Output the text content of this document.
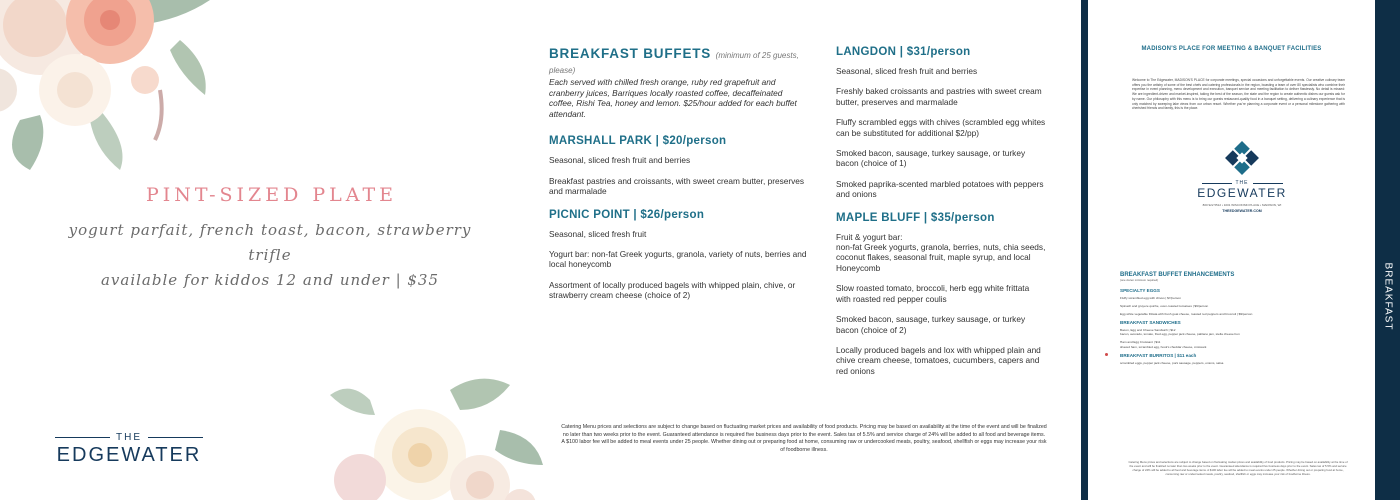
PINT-SIZED PLATE
yogurt parfait, french toast, bacon, strawberry trifle
available for kiddos 12 and under | $35
THE
EDGEWATER
BREAKFAST BUFFETS (minimum of 25 guests, please)
Each served with chilled fresh orange, ruby red grapefruit and cranberry juices, Barriques locally roasted coffee, decaffeinated coffee, Rishi Tea, honey and lemon. $25/hour added for each buffet attendant.
MARSHALL PARK | $20/person
Seasonal, sliced fresh fruit and berries
Breakfast pastries and croissants, with sweet cream butter, preserves and marmalade
PICNIC POINT | $26/person
Seasonal, sliced fresh fruit
Yogurt bar: non-fat Greek yogurts, granola, variety of nuts, berries and local honeycomb
Assortment of locally produced bagels with whipped plain, chive, or strawberry cream cheese (choice of 2)
LANGDON | $31/person
Seasonal, sliced fresh fruit and berries
Freshly baked croissants and pastries with sweet cream butter, preserves and marmalade
Fluffy scrambled eggs with chives (scrambled egg whites can be substituted for additional $2/pp)
Smoked bacon, sausage, turkey sausage, or turkey bacon (choice of 1)
Smoked paprika-scented marbled potatoes with peppers and onions
MAPLE BLUFF | $35/person
Fruit & yogurt bar:
non-fat Greek yogurts, granola, berries, nuts, chia seeds, coconut flakes, seasonal fruit, maple syrup, and local Honeycomb
Slow roasted tomato, broccoli, herb egg white frittata with roasted red pepper coulis
Smoked bacon, sausage, turkey sausage, or turkey bacon (choice of 2)
Locally produced bagels and lox with whipped plain and chive cream cheese, tomatoes, cucumbers, capers and red onions
Catering Menu prices and selections are subject to change based on fluctuating market prices and availability of food products. Pricing may be based on availability at the time of the event and will be finalized no later than two weeks prior to the event. Guaranteed attendance is required five business days prior to the event. Sales tax of 5.5% and service charge of 24% will be added to all food and beverage items. A $100 labor fee will be added to meal events under 25 people. Whether dining out or preparing food at home, consuming raw or undercooked meats, poultry, seafood, shellfish or eggs may increase your risk of foodborne illness.
MADISON'S PLACE FOR MEETING & BANQUET FACILITIES
Welcome to The Edgewater, MADISON'S PLACE for corporate meetings, special occasions and unforgettable events. Our creative culinary team offers you the artistry of some of the best chefs and catering professionals in the region, boasting a team of over 80 specialists who combine their expertise in event planning, menu development and execution, banquet service and meeting facilitation to deliver flawlessly. No detail is missed: We are ingredient-driven and market-inspired, taking the best of the season, the state and the region to create authentic dishes our guests ask for by name. Our philosophy with this menu is to bring our guests restaurant-quality food in a banquet setting, delivering a culinary experience that is only matched by sweeping lake views from our urban resort. Whether you're planning a corporate event or a personal milestone gathering with cherished friends and family, this is the place.
THE
EDGEWATER
800 922 5512 • 1001 WISCONSIN PLACE • MADISON, WI
THEEDGEWATER.COM
BREAKFAST BUFFET ENHANCEMENTS
(one dozen minimum required)
SPECIALTY EGGS
Fluffy scrambled egg with chives | $7/person
Spinach and gruyere quiche, oven-roasted tomatoes | $9/person
Egg white vegetable frittata with fresh goat cheese, roasted red peppers and broccoli | $9/person
BREAKFAST SANDWICHES
Bacon, Egg and Cheese Sandwich | $12
bacon, avocado, tomato, fried egg, pepper jack cheese, pablano jam, stella cheese bun
Ham and Egg Croissant | $11
shaved ham, scrambled egg, hook's cheddar cheese, croissant
BREAKFAST BURRITOS | $11 each
scrambled eggs, pepper jack cheese, pork sausage, peppers, onions, salsa
Catering Menu prices and selections are subject to change based on fluctuating market prices and availability of food products. Pricing may be based on availability at the time of the event and will be finalized no later than two weeks prior to the event. Guaranteed attendance is required five business days prior to the event. Sales tax of 5.5% and service charge of 24% will be added to all food and beverage items. A $100 labor fee will be added to meal events under 25 people. Whether dining out or preparing food at home, consuming raw or undercooked meats, poultry, seafood, shellfish or eggs may increase your risk of foodborne illness.
BREAKFAST
